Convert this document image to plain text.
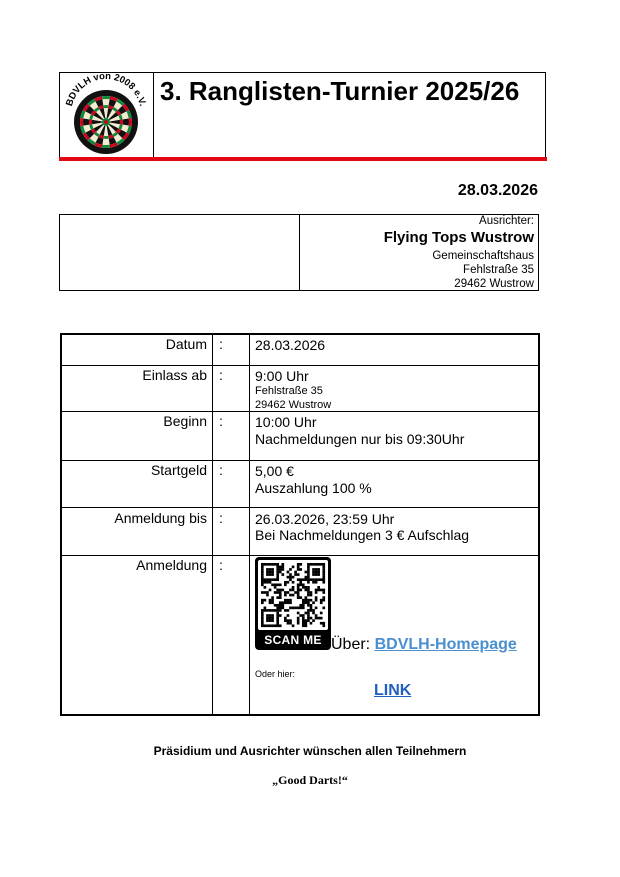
BDVLH von 2008 e.V. 3. Ranglisten-Turnier 2025/26
28.03.2026
Ausrichter:
Flying Tops Wustrow
Gemeinschaftshaus
Fehlstraße 35
29462 Wustrow
Datum : 28.03.2026
Einlass ab : 9:00 Uhr
Fehlstraße 35
29462 Wustrow
Beginn : 10:00 Uhr
Nachmeldungen nur bis 09:30Uhr
Startgeld : 5,00 €
Auszahlung 100 %
Anmeldung bis : 26.03.2026, 23:59 Uhr
Bei Nachmeldungen 3 € Aufschlag
Anmeldung :
SCAN ME Über: BDVLH-Homepage
Oder hier:
LINK
Präsidium und Ausrichter wünschen allen Teilnehmern
„Good Darts!“
